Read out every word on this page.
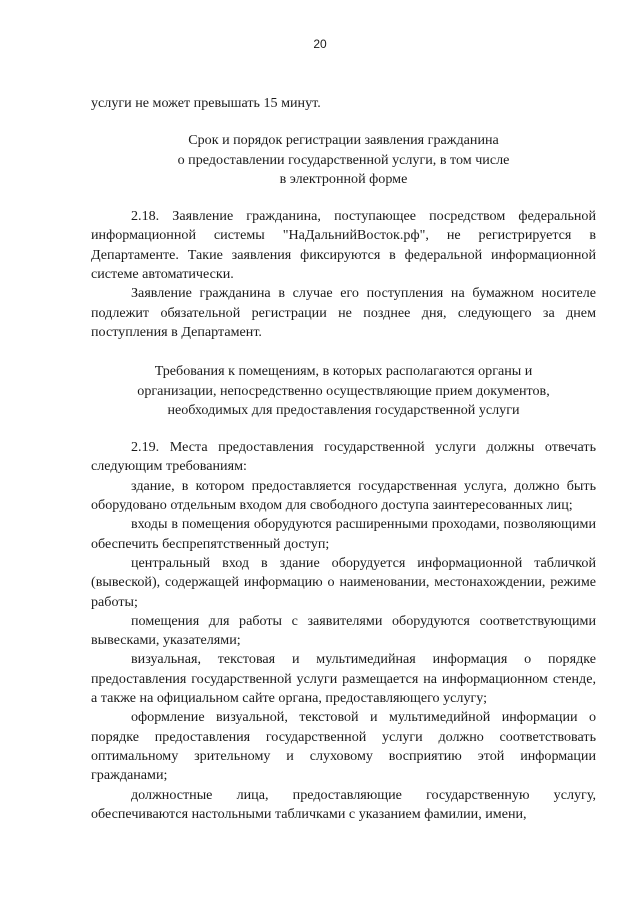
20

услуги не может превышать 15 минут.

Срок и порядок регистрации заявления гражданина
о предоставлении государственной услуги, в том числе
в электронной форме

2.18. Заявление гражданина, поступающее посредством федеральной информационной системы "НаДальнийВосток.рф", не регистрируется в Департаменте. Такие заявления фиксируются в федеральной информационной системе автоматически.

Заявление гражданина в случае его поступления на бумажном носителе подлежит обязательной регистрации не позднее дня, следующего за днем поступления в Департамент.

Требования к помещениям, в которых располагаются органы и
организации, непосредственно осуществляющие прием документов,
необходимых для предоставления государственной услуги

2.19. Места предоставления государственной услуги должны отвечать следующим требованиям:

здание, в котором предоставляется государственная услуга, должно быть оборудовано отдельным входом для свободного доступа заинтересованных лиц;

входы в помещения оборудуются расширенными проходами, позволяющими обеспечить беспрепятственный доступ;

центральный вход в здание оборудуется информационной табличкой (вывеской), содержащей информацию о наименовании, местонахождении, режиме работы;

помещения для работы с заявителями оборудуются соответствующими вывесками, указателями;

визуальная, текстовая и мультимедийная информация о порядке предоставления государственной услуги размещается на информационном стенде, а также на официальном сайте органа, предоставляющего услугу;

оформление визуальной, текстовой и мультимедийной информации о порядке предоставления государственной услуги должно соответствовать оптимальному зрительному и слуховому восприятию этой информации гражданами;

должностные лица, предоставляющие государственную услугу, обеспечиваются настольными табличками с указанием фамилии, имени,
